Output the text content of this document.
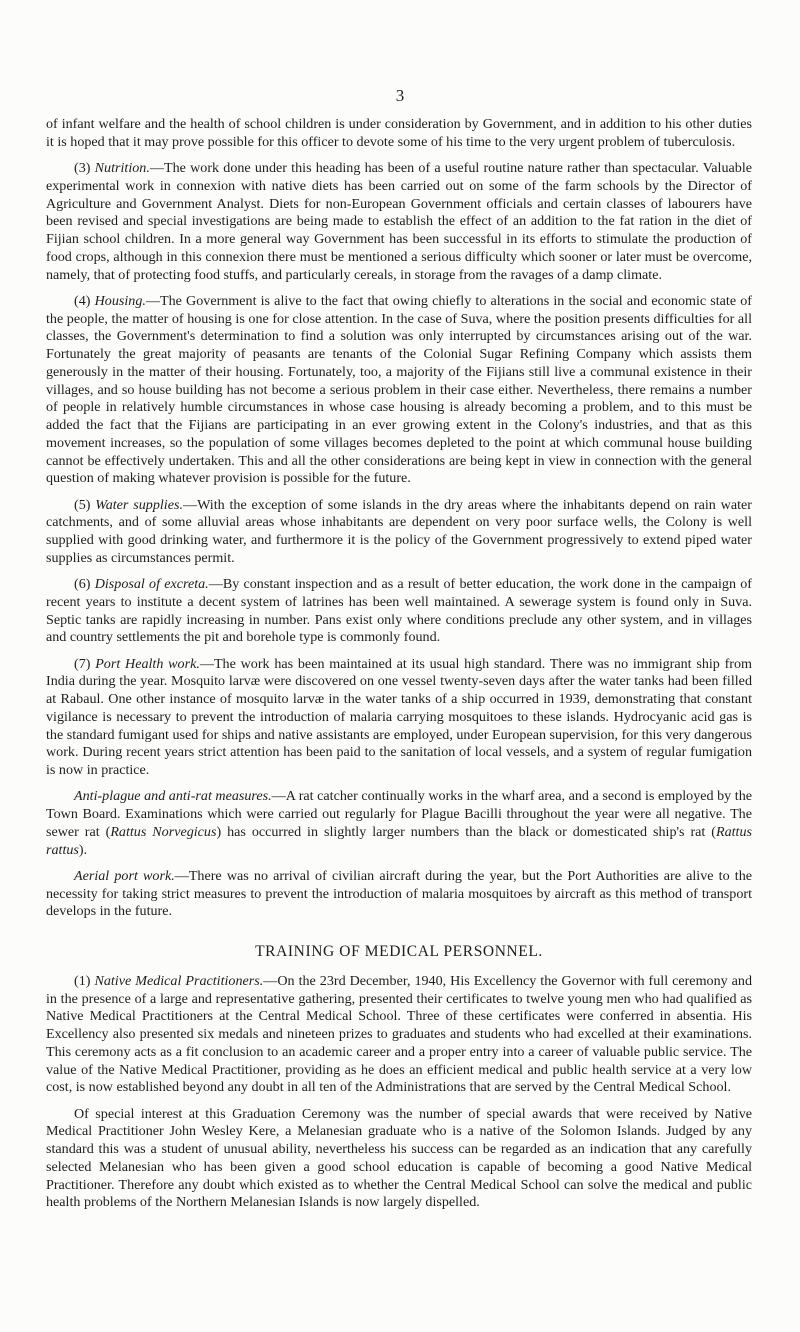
3

of infant welfare and the health of school children is under consideration by Government, and in addition to his other duties it is hoped that it may prove possible for this officer to devote some of his time to the very urgent problem of tuberculosis.

(3) Nutrition.—The work done under this heading has been of a useful routine nature rather than spectacular. Valuable experimental work in connexion with native diets has been carried out on some of the farm schools by the Director of Agriculture and Government Analyst. Diets for non-European Government officials and certain classes of labourers have been revised and special investigations are being made to establish the effect of an addition to the fat ration in the diet of Fijian school children. In a more general way Government has been successful in its efforts to stimulate the production of food crops, although in this connexion there must be mentioned a serious difficulty which sooner or later must be overcome, namely, that of protecting food stuffs, and particularly cereals, in storage from the ravages of a damp climate.

(4) Housing.—The Government is alive to the fact that owing chiefly to alterations in the social and economic state of the people, the matter of housing is one for close attention. In the case of Suva, where the position presents difficulties for all classes, the Government's determination to find a solution was only interrupted by circumstances arising out of the war. Fortunately the great majority of peasants are tenants of the Colonial Sugar Refining Company which assists them generously in the matter of their housing. Fortunately, too, a majority of the Fijians still live a communal existence in their villages, and so house building has not become a serious problem in their case either. Nevertheless, there remains a number of people in relatively humble circumstances in whose case housing is already becoming a problem, and to this must be added the fact that the Fijians are participating in an ever growing extent in the Colony's industries, and that as this movement increases, so the population of some villages becomes depleted to the point at which communal house building cannot be effectively undertaken. This and all the other considerations are being kept in view in connection with the general question of making whatever provision is possible for the future.

(5) Water supplies.—With the exception of some islands in the dry areas where the inhabitants depend on rain water catchments, and of some alluvial areas whose inhabitants are dependent on very poor surface wells, the Colony is well supplied with good drinking water, and furthermore it is the policy of the Government progressively to extend piped water supplies as circumstances permit.

(6) Disposal of excreta.—By constant inspection and as a result of better education, the work done in the campaign of recent years to institute a decent system of latrines has been well maintained. A sewerage system is found only in Suva. Septic tanks are rapidly increasing in number. Pans exist only where conditions preclude any other system, and in villages and country settlements the pit and borehole type is commonly found.

(7) Port Health work.—The work has been maintained at its usual high standard. There was no immigrant ship from India during the year. Mosquito larvæ were discovered on one vessel twenty-seven days after the water tanks had been filled at Rabaul. One other instance of mosquito larvæ in the water tanks of a ship occurred in 1939, demonstrating that constant vigilance is necessary to prevent the introduction of malaria carrying mosquitoes to these islands. Hydrocyanic acid gas is the standard fumigant used for ships and native assistants are employed, under European supervision, for this very dangerous work. During recent years strict attention has been paid to the sanitation of local vessels, and a system of regular fumigation is now in practice.

Anti-plague and anti-rat measures.—A rat catcher continually works in the wharf area, and a second is employed by the Town Board. Examinations which were carried out regularly for Plague Bacilli throughout the year were all negative. The sewer rat (Rattus Norvegicus) has occurred in slightly larger numbers than the black or domesticated ship's rat (Rattus rattus).

Aerial port work.—There was no arrival of civilian aircraft during the year, but the Port Authorities are alive to the necessity for taking strict measures to prevent the introduction of malaria mosquitoes by aircraft as this method of transport develops in the future.

TRAINING OF MEDICAL PERSONNEL.

(1) Native Medical Practitioners.—On the 23rd December, 1940, His Excellency the Governor with full ceremony and in the presence of a large and representative gathering, presented their certificates to twelve young men who had qualified as Native Medical Practitioners at the Central Medical School. Three of these certificates were conferred in absentia. His Excellency also presented six medals and nineteen prizes to graduates and students who had excelled at their examinations. This ceremony acts as a fit conclusion to an academic career and a proper entry into a career of valuable public service. The value of the Native Medical Practitioner, providing as he does an efficient medical and public health service at a very low cost, is now established beyond any doubt in all ten of the Administrations that are served by the Central Medical School.

Of special interest at this Graduation Ceremony was the number of special awards that were received by Native Medical Practitioner John Wesley Kere, a Melanesian graduate who is a native of the Solomon Islands. Judged by any standard this was a student of unusual ability, nevertheless his success can be regarded as an indication that any carefully selected Melanesian who has been given a good school education is capable of becoming a good Native Medical Practitioner. Therefore any doubt which existed as to whether the Central Medical School can solve the medical and public health problems of the Northern Melanesian Islands is now largely dispelled.
